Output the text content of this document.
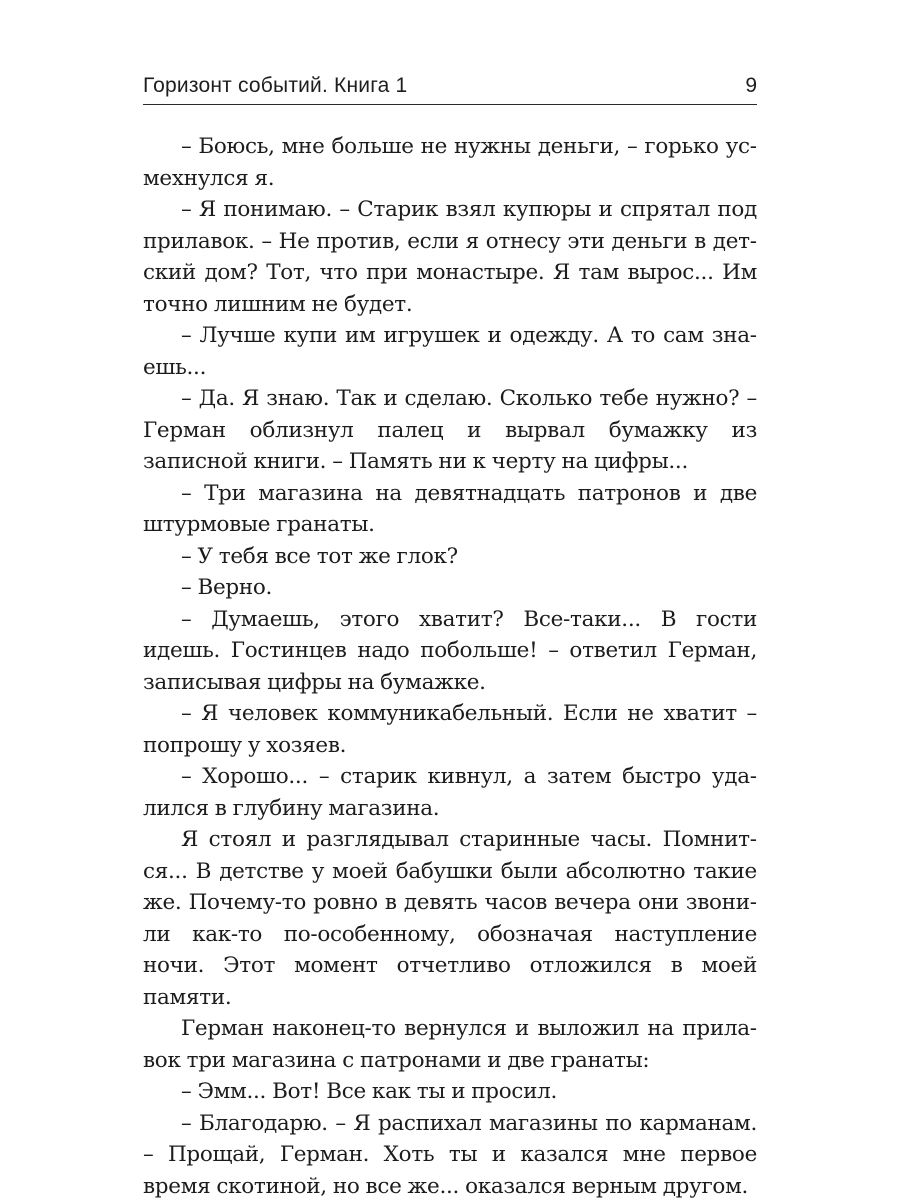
Горизонт событий. Книга 1	9

– Боюсь, мне больше не нужны деньги, – горько усмехнулся я.

– Я понимаю. – Старик взял купюры и спрятал под прилавок. – Не против, если я отнесу эти деньги в детский дом? Тот, что при монастыре. Я там вырос... Им точно лишним не будет.

– Лучше купи им игрушек и одежду. А то сам знаешь...

– Да. Я знаю. Так и сделаю. Сколько тебе нужно? – Герман облизнул палец и вырвал бумажку из записной книги. – Память ни к черту на цифры...

– Три магазина на девятнадцать патронов и две штурмовые гранаты.

– У тебя все тот же глок?

– Верно.

– Думаешь, этого хватит? Все-таки... В гости идешь. Гостинцев надо побольше! – ответил Герман, записывая цифры на бумажке.

– Я человек коммуникабельный. Если не хватит – попрошу у хозяев.

– Хорошо... – старик кивнул, а затем быстро удалился в глубину магазина.

Я стоял и разглядывал старинные часы. Помнится... В детстве у моей бабушки были абсолютно такие же. Почему-то ровно в девять часов вечера они звонили как-то по-особенному, обозначая наступление ночи. Этот момент отчетливо отложился в моей памяти.

Герман наконец-то вернулся и выложил на прилавок три магазина с патронами и две гранаты:

– Эмм... Вот! Все как ты и просил.

– Благодарю. – Я распихал магазины по карманам. – Прощай, Герман. Хоть ты и казался мне первое время скотиной, но все же... оказался верным другом.
